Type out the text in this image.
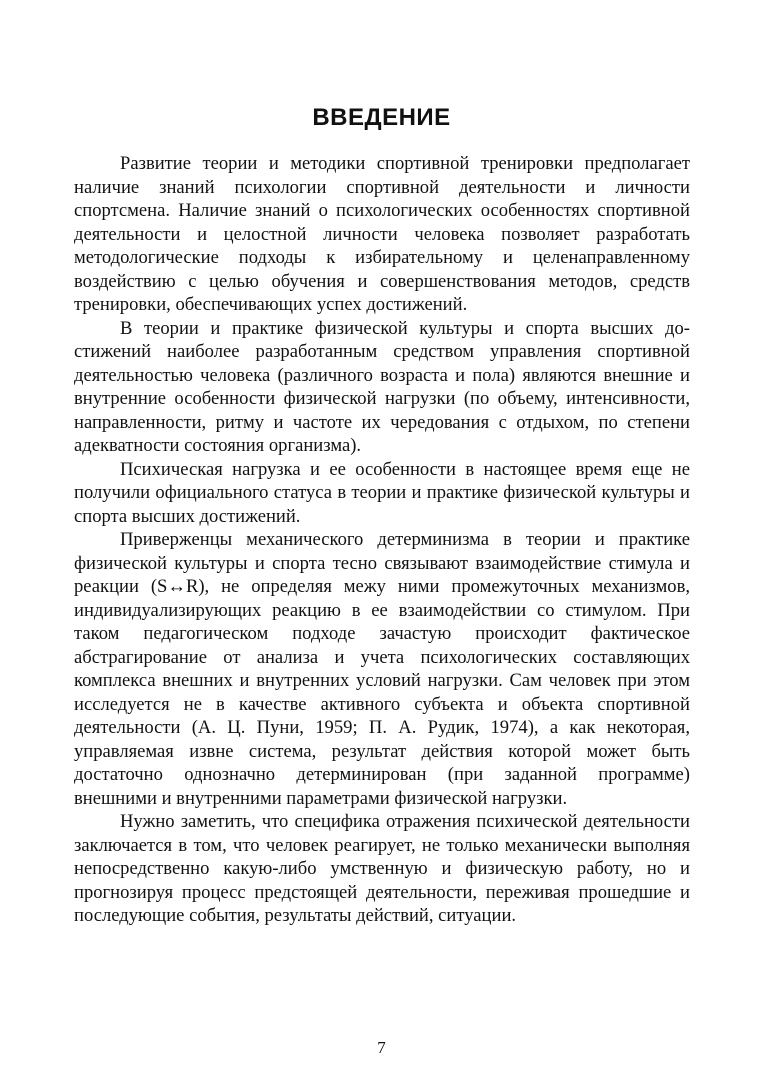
ВВЕДЕНИЕ

Развитие теории и методики спортивной тренировки предполагает наличие знаний психологии спортивной деятельности и личности спортсмена. Наличие знаний о психологических особенностях спортивной деятельности и целостной личности человека позволяет разработать методологические подходы к избирательному и целенаправленному воздействию с целью обучения и совершенствования методов, средств тренировки, обеспечивающих успех достижений.

В теории и практике физической культуры и спорта высших достижений наиболее разработанным средством управления спортивной деятельностью человека (различного возраста и пола) являются внешние и внутренние особенности физической нагрузки (по объему, интенсивности, направленности, ритму и частоте их чередования с отдыхом, по степени адекватности состояния организма).

Психическая нагрузка и ее особенности в настоящее время еще не получили официального статуса в теории и практике физической культуры и спорта высших достижений.

Приверженцы механического детерминизма в теории и практике физической культуры и спорта тесно связывают взаимодействие стимула и реакции (S↔R), не определяя межу ними промежуточных механизмов, индивидуализирующих реакцию в ее взаимодействии со стимулом. При таком педагогическом подходе зачастую происходит фактическое абстрагирование от анализа и учета психологических составляющих комплекса внешних и внутренних условий нагрузки. Сам человек при этом исследуется не в качестве активного субъекта и объекта спортивной деятельности (А. Ц. Пуни, 1959; П. А. Рудик, 1974), а как некоторая, управляемая извне система, результат действия которой может быть достаточно однозначно детерминирован (при заданной программе) внешними и внутренними параметрами физической нагрузки.

Нужно заметить, что специфика отражения психической деятельности заключается в том, что человек реагирует, не только механически выполняя непосредственно какую-либо умственную и физическую работу, но и прогнозируя процесс предстоящей деятельности, переживая прошедшие и последующие события, результаты действий, ситуации.

7
